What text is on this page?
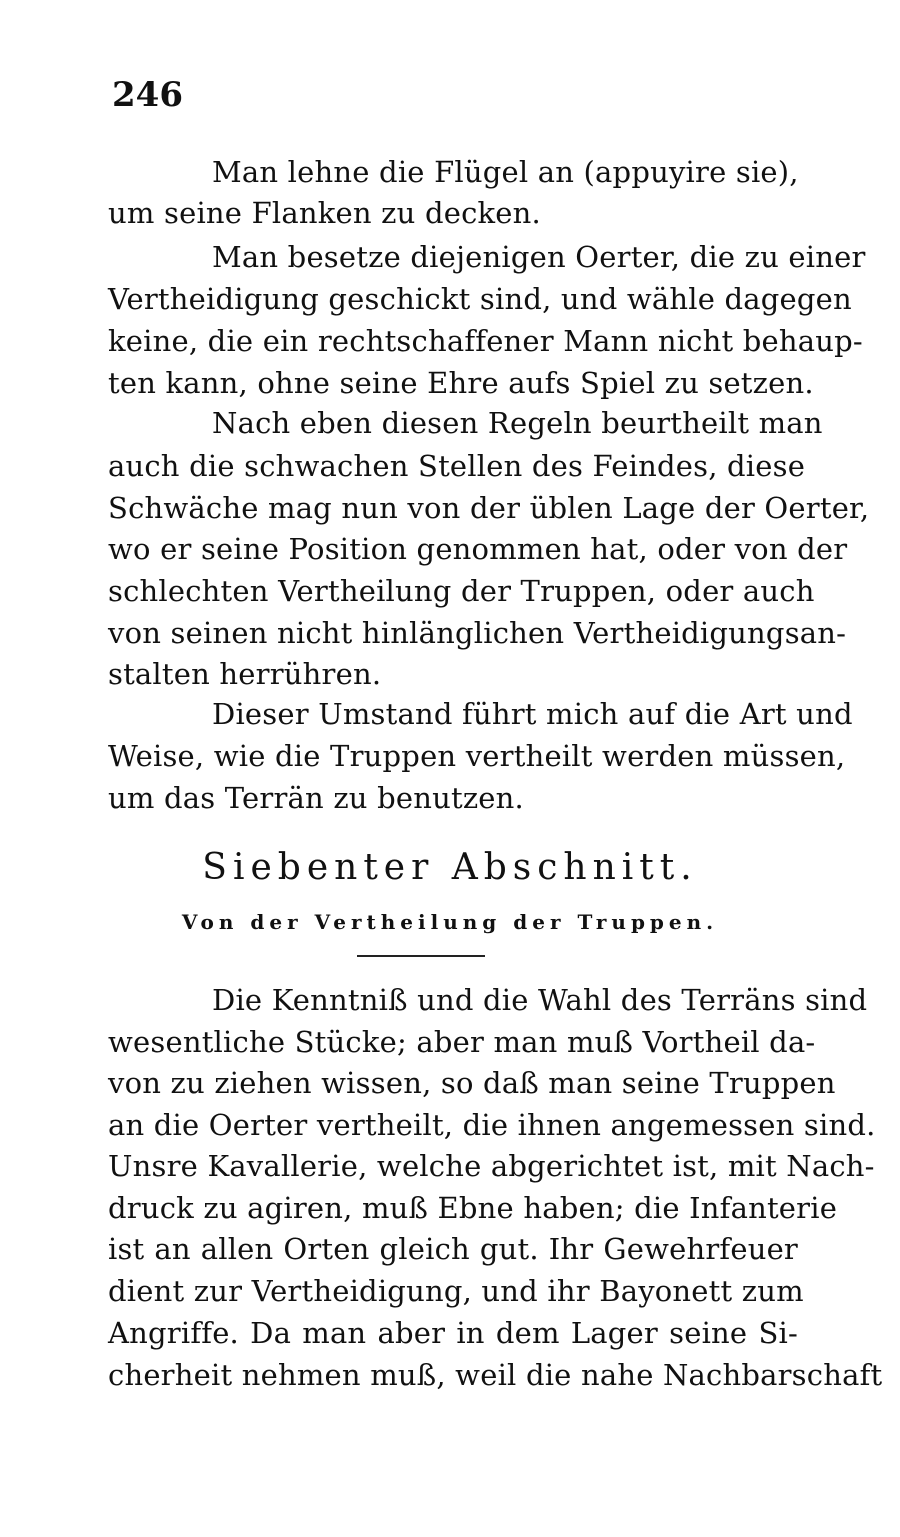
246
Man lehne die Flügel an (appuyire sie),
um seine Flanken zu decken.
Man besetze diejenigen Oerter, die zu einer
Vertheidigung geschickt sind, und wähle dagegen
keine, die ein rechtschaffener Mann nicht behaup-
ten kann, ohne seine Ehre aufs Spiel zu setzen.
Nach eben diesen Regeln beurtheilt man
auch die schwachen Stellen des Feindes, diese
Schwäche mag nun von der üblen Lage der Oerter,
wo er seine Position genommen hat, oder von der
schlechten Vertheilung der Truppen, oder auch
von seinen nicht hinlänglichen Vertheidigungsan-
stalten herrühren.
Dieser Umstand führt mich auf die Art und
Weise, wie die Truppen vertheilt werden müssen,
um das Terrän zu benutzen.
Siebenter Abschnitt.
Von der Vertheilung der Truppen.
Die Kenntniß und die Wahl des Terräns sind
wesentliche Stücke; aber man muß Vortheil da-
von zu ziehen wissen, so daß man seine Truppen
an die Oerter vertheilt, die ihnen angemessen sind.
Unsre Kavallerie, welche abgerichtet ist, mit Nach-
druck zu agiren, muß Ebne haben; die Infanterie
ist an allen Orten gleich gut. Ihr Gewehrfeuer
dient zur Vertheidigung, und ihr Bayonett zum
Angriffe. Da man aber in dem Lager seine Si-
cherheit nehmen muß, weil die nahe Nachbarschaft
